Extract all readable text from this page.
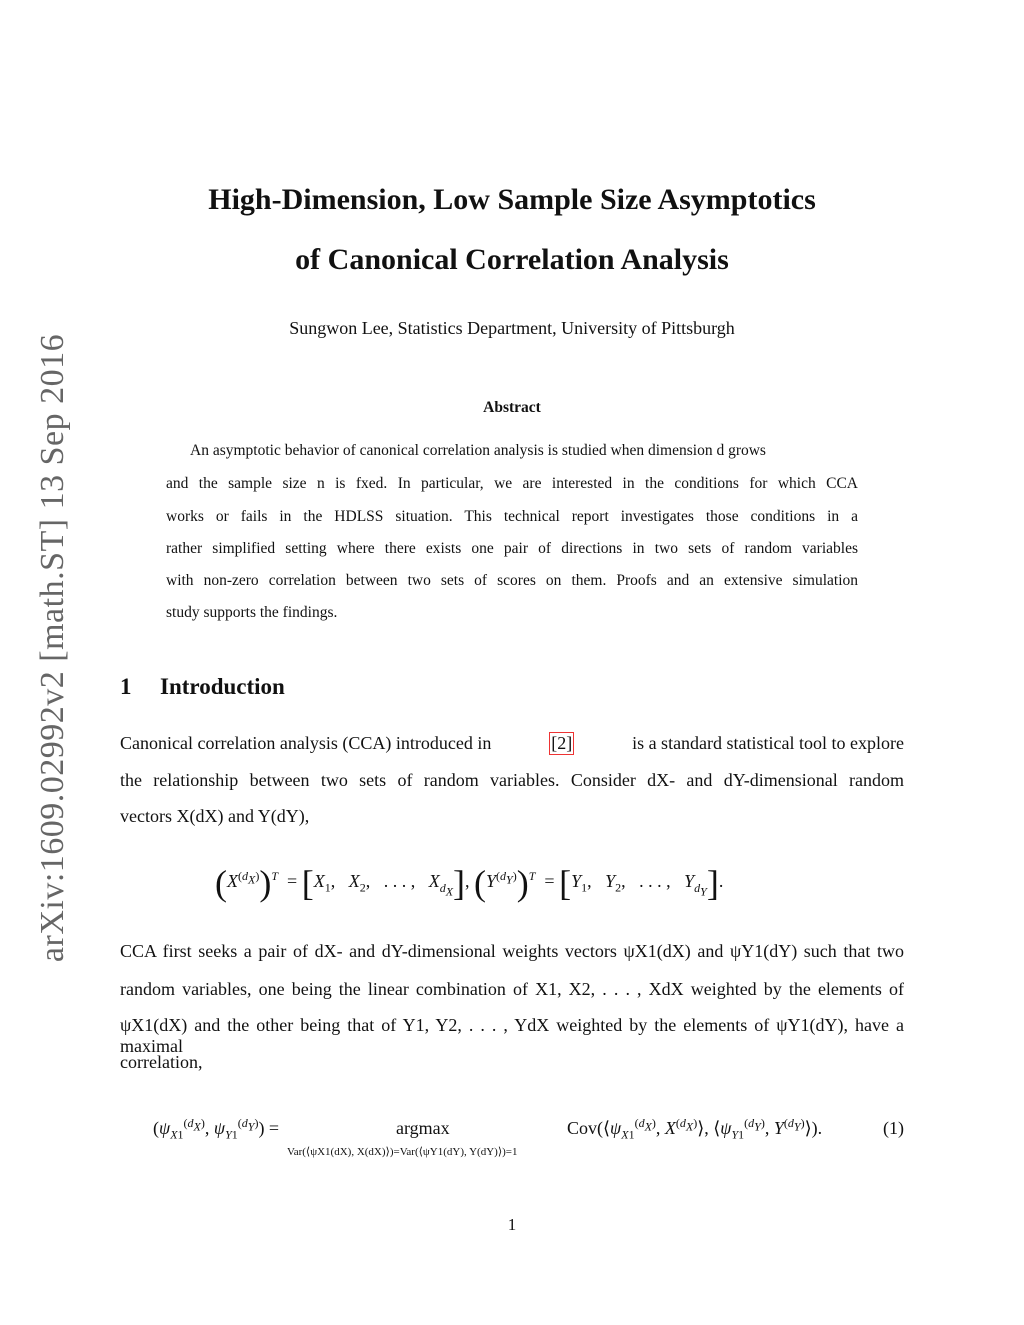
arXiv:1609.02992v2 [math.ST] 13 Sep 2016
High-Dimension, Low Sample Size Asymptotics
of Canonical Correlation Analysis
Sungwon Lee, Statistics Department, University of Pittsburgh
Abstract
An asymptotic behavior of canonical correlation analysis is studied when dimension d grows
and the sample size n is fxed. In particular, we are interested in the conditions for which CCA
works or fails in the HDLSS situation. This technical report investigates those conditions in a
rather simplified setting where there exists one pair of directions in two sets of random variables
with non-zero correlation between two sets of scores on them. Proofs and an extensive simulation
study supports the findings.
1 Introduction
Canonical correlation analysis (CCA) introduced in	[2]	is a standard statistical tool to explore
the relationship between two sets of random variables. Consider dX- and dY-dimensional random
vectors X(dX) and Y(dY),
$(X^{(d_X)})^T = [X_1$,   $X_2$,   . . . ,   $X_{d_X}$], $(Y^{(d_Y)})^T = [Y_1$,   $Y_2$,   . . . ,   $Y_{d_Y}$].
CCA first seeks a pair of dX- and dY-dimensional weights vectors ψX1(dX) and ψY1(dY) such that two
random variables, one being the linear combination of X1, X2, . . . , XdX weighted by the elements of
ψX1(dX) and the other being that of Y1, Y2, . . . , YdX weighted by the elements of ψY1(dY), have a maximal
correlation,
($\psi_{X1}^{(d_X)}$, $\psi_{Y1}^{(d_Y)}$) =	argmax
Var(⟨ψX1(dX), X(dX)⟩)=Var(⟨ψY1(dY), Y(dY)⟩)=1
$Cov(⟨\psi_{X1}^{(d_X)}$, $X^{(d_X)}⟩$, $⟨\psi_{Y1}^{(d_Y)}$, $Y^{(d_Y)}⟩$).	(1)
1
